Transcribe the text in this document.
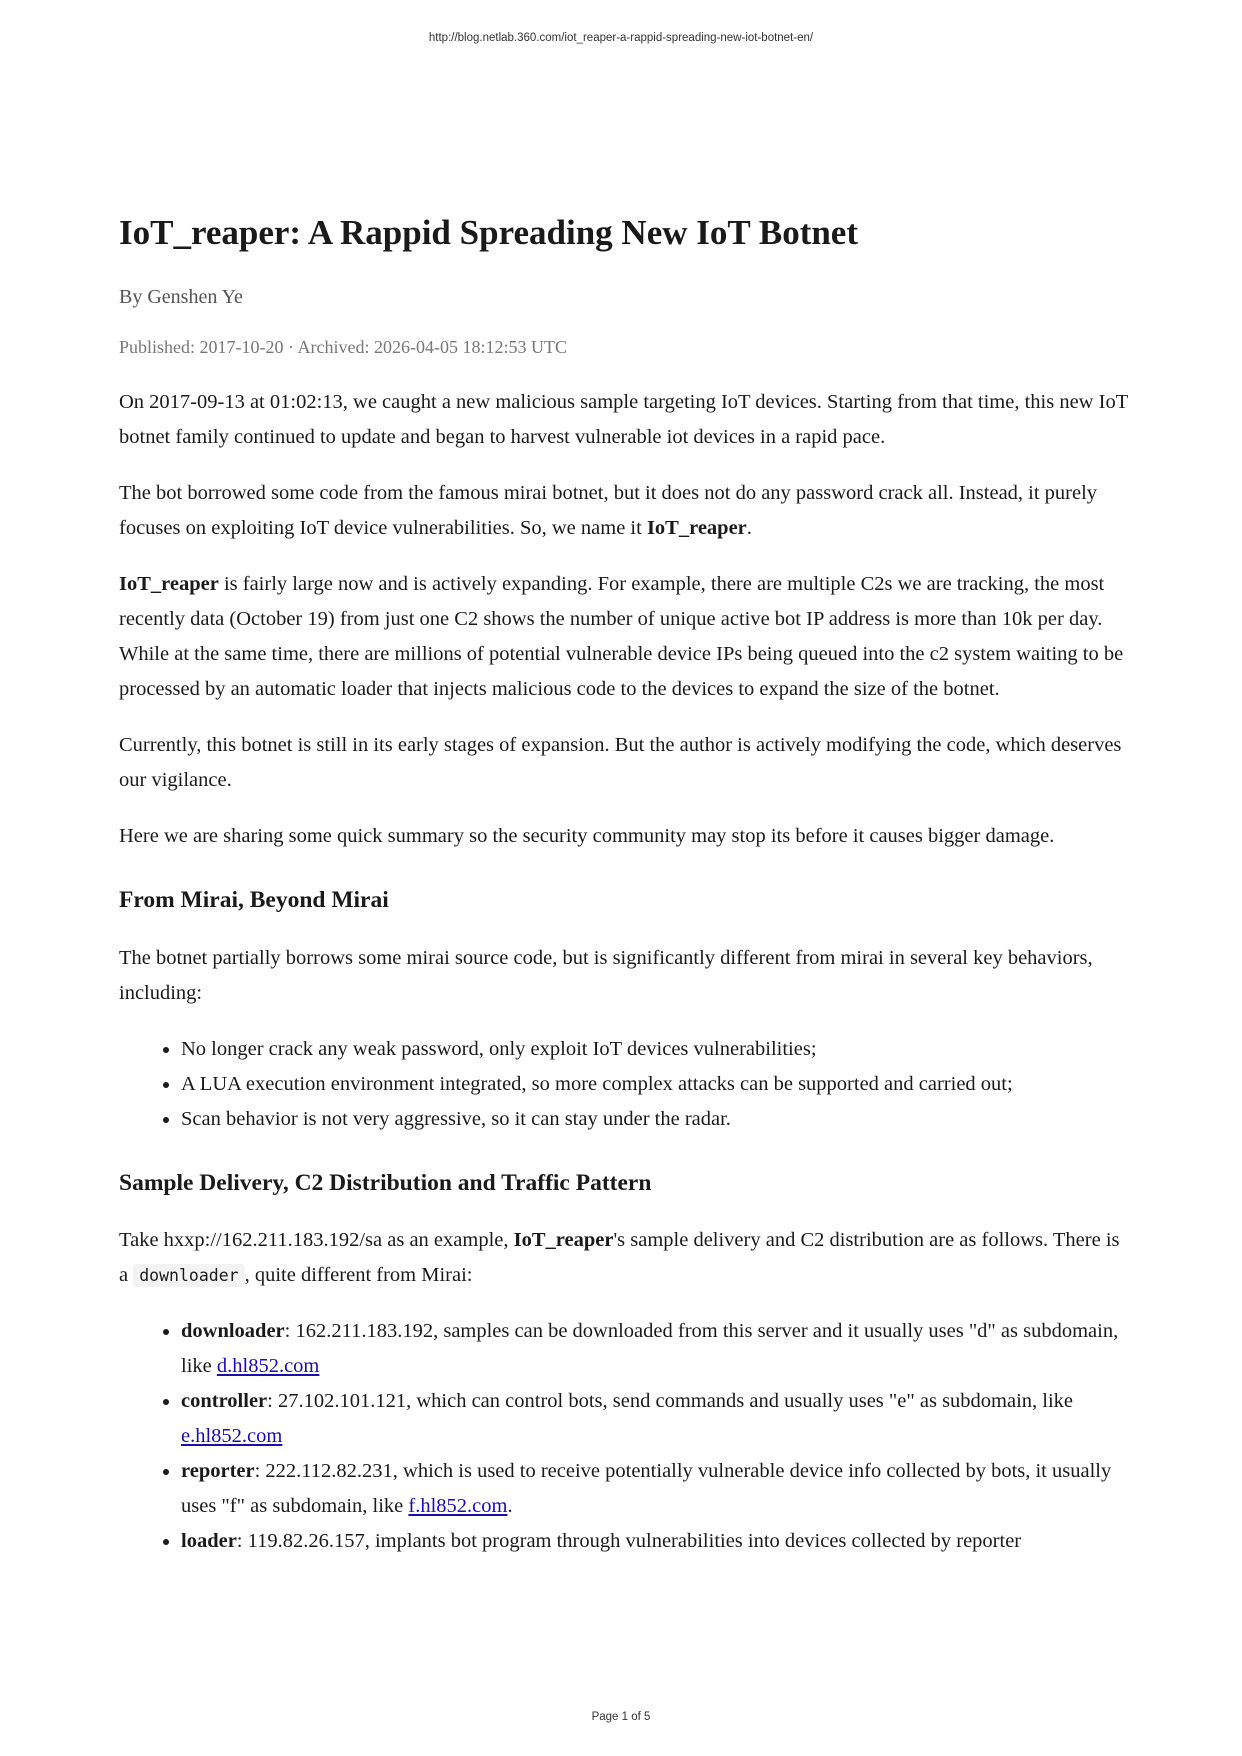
http://blog.netlab.360.com/iot_reaper-a-rappid-spreading-new-iot-botnet-en/
IoT_reaper: A Rappid Spreading New IoT Botnet
By Genshen Ye
Published: 2017-10-20 · Archived: 2026-04-05 18:12:53 UTC

On 2017-09-13 at 01:02:13, we caught a new malicious sample targeting IoT devices. Starting from that time, this new IoT botnet family continued to update and began to harvest vulnerable iot devices in a rapid pace.

The bot borrowed some code from the famous mirai botnet, but it does not do any password crack all. Instead, it purely focuses on exploiting IoT device vulnerabilities. So, we name it IoT_reaper.

IoT_reaper is fairly large now and is actively expanding. For example, there are multiple C2s we are tracking, the most recently data (October 19) from just one C2 shows the number of unique active bot IP address is more than 10k per day. While at the same time, there are millions of potential vulnerable device IPs being queued into the c2 system waiting to be processed by an automatic loader that injects malicious code to the devices to expand the size of the botnet.

Currently, this botnet is still in its early stages of expansion. But the author is actively modifying the code, which deserves our vigilance.

Here we are sharing some quick summary so the security community may stop its before it causes bigger damage.

From Mirai, Beyond Mirai

The botnet partially borrows some mirai source code, but is significantly different from mirai in several key behaviors, including:

• No longer crack any weak password, only exploit IoT devices vulnerabilities;
• A LUA execution environment integrated, so more complex attacks can be supported and carried out;
• Scan behavior is not very aggressive, so it can stay under the radar.
Sample Delivery, C2 Distribution and Traffic Pattern

Take hxxp://162.211.183.192/sa as an example, IoT_reaper's sample delivery and C2 distribution are as follows. There is a downloader , quite different from Mirai:

• downloader: 162.211.183.192, samples can be downloaded from this server and it usually uses "d" as subdomain, like d.hl852.com
• controller: 27.102.101.121, which can control bots, send commands and usually uses "e" as subdomain, like e.hl852.com
• reporter: 222.112.82.231, which is used to receive potentially vulnerable device info collected by bots, it usually uses "f" as subdomain, like f.hl852.com.
• loader: 119.82.26.157, implants bot program through vulnerabilities into devices collected by reporter
Page 1 of 5
